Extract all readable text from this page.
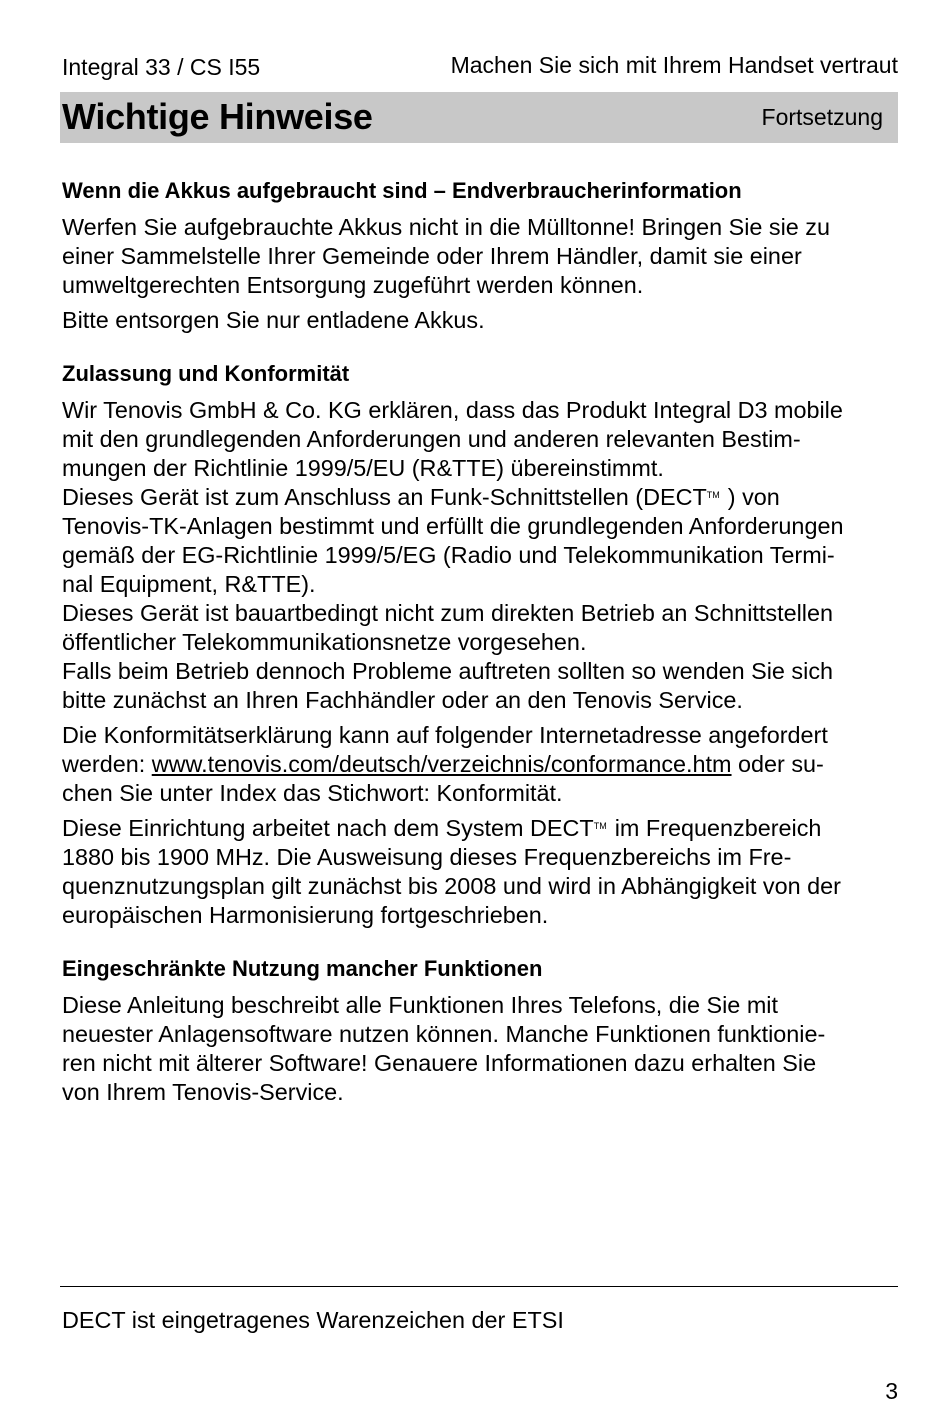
Integral 33 / CS I55	Machen Sie sich mit Ihrem Handset vertraut
Wichtige Hinweise	Fortsetzung
Wenn die Akkus aufgebraucht sind – Endverbraucherinformation

Werfen Sie aufgebrauchte Akkus nicht in die Mülltonne! Bringen Sie sie zu
einer Sammelstelle Ihrer Gemeinde oder Ihrem Händler, damit sie einer
umweltgerechten Entsorgung zugeführt werden können.

Bitte entsorgen Sie nur entladene Akkus.

Zulassung und Konformität

Wir Tenovis GmbH & Co. KG erklären, dass das Produkt Integral D3 mobile
mit den grundlegenden Anforderungen und anderen relevanten Bestim-
mungen der Richtlinie 1999/5/EU (R&TTE) übereinstimmt.
Dieses Gerät ist zum Anschluss an Funk-Schnittstellen (DECT™ ) von
Tenovis-TK-Anlagen bestimmt und erfüllt die grundlegenden Anforderungen
gemäß der EG-Richtlinie 1999/5/EG (Radio und Telekommunikation Termi-
nal Equipment, R&TTE).
Dieses Gerät ist bauartbedingt nicht zum direkten Betrieb an Schnittstellen
öffentlicher Telekommunikationsnetze vorgesehen.
Falls beim Betrieb dennoch Probleme auftreten sollten so wenden Sie sich
bitte zunächst an Ihren Fachhändler oder an den Tenovis Service.

Die Konformitätserklärung kann auf folgender Internetadresse angefordert
werden: www.tenovis.com/deutsch/verzeichnis/conformance.htm oder su-
chen Sie unter Index das Stichwort: Konformität.

Diese Einrichtung arbeitet nach dem System DECT™ im Frequenzbereich
1880 bis 1900 MHz. Die Ausweisung dieses Frequenzbereichs im Fre-
quenznutzungsplan gilt zunächst bis 2008 und wird in Abhängigkeit von der
europäischen Harmonisierung fortgeschrieben.

Eingeschränkte Nutzung mancher Funktionen

Diese Anleitung beschreibt alle Funktionen Ihres Telefons, die Sie mit
neuester Anlagensoftware nutzen können. Manche Funktionen funktionie-
ren nicht mit älterer Software! Genauere Informationen dazu erhalten Sie
von Ihrem Tenovis-Service.

DECT ist eingetragenes Warenzeichen der ETSI
3
